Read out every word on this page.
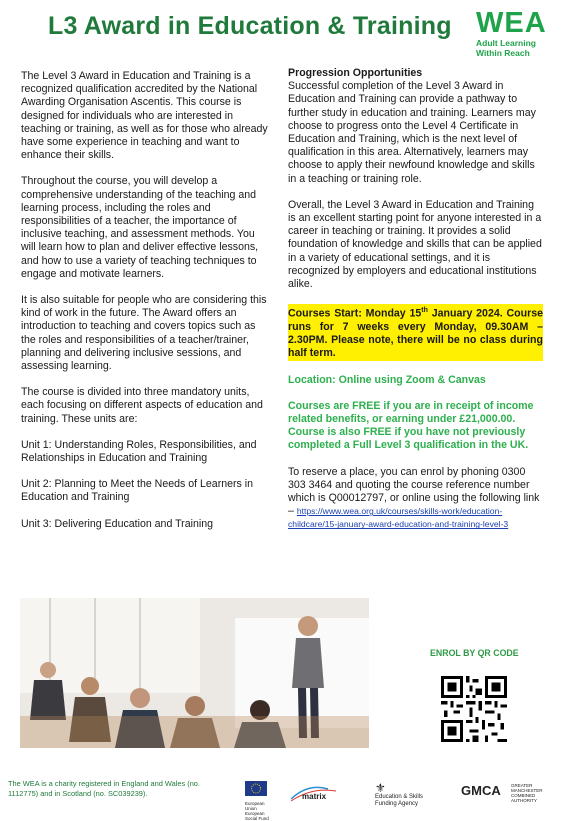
L3 Award in Education & Training WEA
Adult Learning
Within Reach

The Level 3 Award in Education and Training is a recognized qualification accredited by the National Awarding Organisation Ascentis. This course is designed for individuals who are interested in teaching or training, as well as for those who already have some experience in teaching and want to enhance their skills.

Throughout the course, you will develop a comprehensive understanding of the teaching and learning process, including the roles and responsibilities of a teacher, the importance of inclusive teaching, and assessment methods. You will learn how to plan and deliver effective lessons, and how to use a variety of teaching techniques to engage and motivate learners.

It is also suitable for people who are considering this kind of work in the future. The Award offers an introduction to teaching and covers topics such as the roles and responsibilities of a teacher/trainer, planning and delivering inclusive sessions, and assessing learning.

The course is divided into three mandatory units, each focusing on different aspects of education and training. These units are:

Unit 1: Understanding Roles, Responsibilities, and Relationships in Education and Training

Unit 2: Planning to Meet the Needs of Learners in Education and Training

Unit 3: Delivering Education and Training

Progression Opportunities

Successful completion of the Level 3 Award in Education and Training can provide a pathway to further study in education and training. Learners may choose to progress onto the Level 4 Certificate in Education and Training, which is the next level of qualification in this area. Alternatively, learners may choose to apply their newfound knowledge and skills in a teaching or training role.

Overall, the Level 3 Award in Education and Training is an excellent starting point for anyone interested in a career in teaching or training. It provides a solid foundation of knowledge and skills that can be applied in a variety of educational settings, and it is recognized by employers and educational institutions alike.

Courses Start: Monday 15th January 2024. Course runs for 7 weeks every Monday, 09.30AM – 2.30PM. Please note, there will be no class during half term.

Location: Online using Zoom & Canvas

Courses are FREE if you are in receipt of income related benefits, or earning under £21,000.00. Course is also FREE if you have not previously completed a Full Level 3 qualification in the UK.

To reserve a place, you can enrol by phoning 0300 303 3464 and quoting the course reference number which is Q00012797, or online using the following link – https://www.wea.org.uk/courses/skills-work/education-childcare/15-january-award-education-and-training-level-3

ENROL BY QR CODE
The WEA is a charity registered in England and Wales (no. 1112775) and in Scotland (no. SC039239).
European Union European Social Fund
matrix
⚜
Education & Skills
Funding Agency
GMCA GREATER MANCHESTER COMBINED AUTHORITY
